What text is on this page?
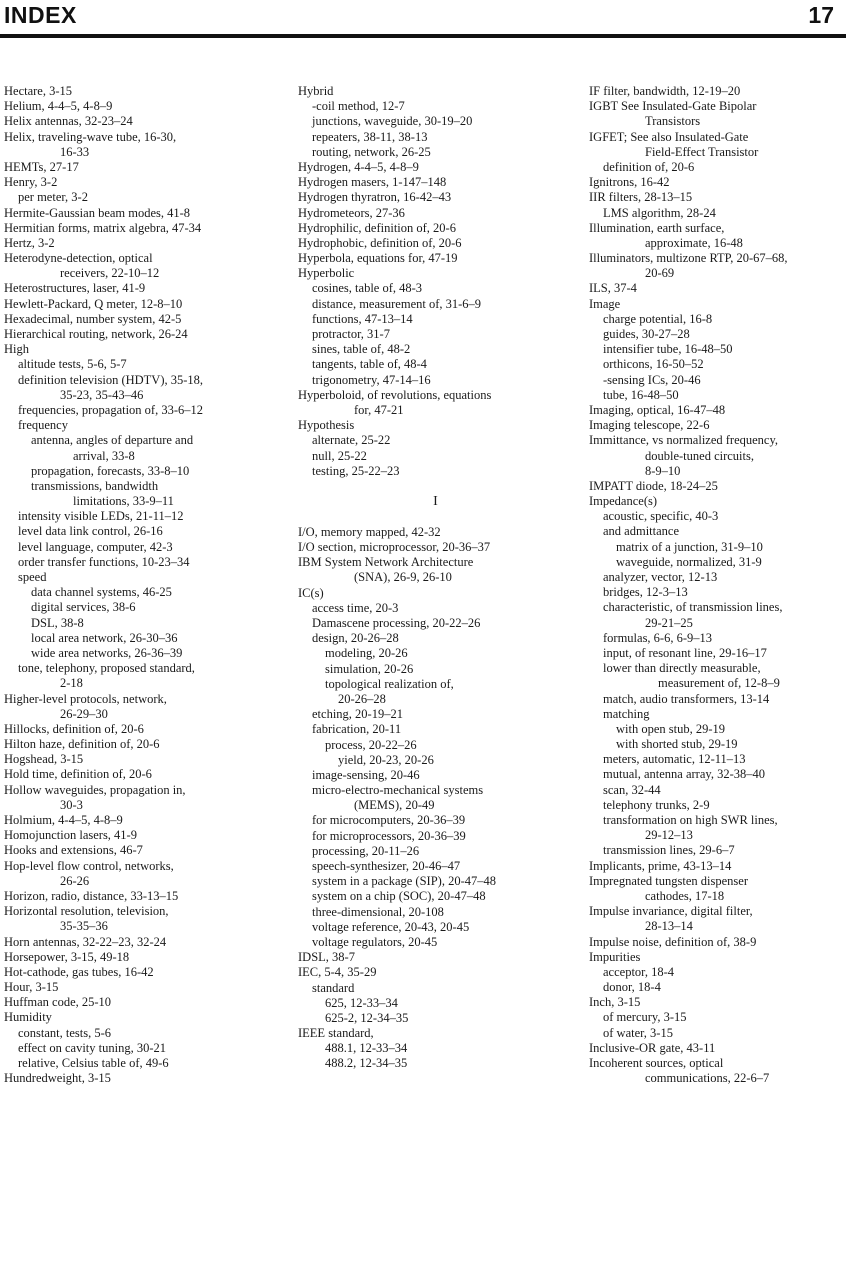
INDEX	17
Hectare, 3-15
Helium, 4-4–5, 4-8–9
Helix antennas, 32-23–24
Helix, traveling-wave tube, 16-30,
16-33
HEMTs, 27-17
Henry, 3-2
per meter, 3-2
Hermite-Gaussian beam modes, 41-8
Hermitian forms, matrix algebra, 47-34
Hertz, 3-2
Heterodyne-detection, optical
receivers, 22-10–12
Heterostructures, laser, 41-9
Hewlett-Packard, Q meter, 12-8–10
Hexadecimal, number system, 42-5
Hierarchical routing, network, 26-24
High
altitude tests, 5-6, 5-7
definition television (HDTV), 35-18,
35-23, 35-43–46
frequencies, propagation of, 33-6–12
frequency
antenna, angles of departure and
arrival, 33-8
propagation, forecasts, 33-8–10
transmissions, bandwidth
limitations, 33-9–11
intensity visible LEDs, 21-11–12
level data link control, 26-16
level language, computer, 42-3
order transfer functions, 10-23–34
speed
data channel systems, 46-25
digital services, 38-6
DSL, 38-8
local area network, 26-30–36
wide area networks, 26-36–39
tone, telephony, proposed standard,
2-18
Higher-level protocols, network,
26-29–30
Hillocks, definition of, 20-6
Hilton haze, definition of, 20-6
Hogshead, 3-15
Hold time, definition of, 20-6
Hollow waveguides, propagation in,
30-3
Holmium, 4-4–5, 4-8–9
Homojunction lasers, 41-9
Hooks and extensions, 46-7
Hop-level flow control, networks,
26-26
Horizon, radio, distance, 33-13–15
Horizontal resolution, television,
35-35–36
Horn antennas, 32-22–23, 32-24
Horsepower, 3-15, 49-18
Hot-cathode, gas tubes, 16-42
Hour, 3-15
Huffman code, 25-10
Humidity
constant, tests, 5-6
effect on cavity tuning, 30-21
relative, Celsius table of, 49-6
Hundredweight, 3-15
Hybrid
-coil method, 12-7
junctions, waveguide, 30-19–20
repeaters, 38-11, 38-13
routing, network, 26-25
Hydrogen, 4-4–5, 4-8–9
Hydrogen masers, 1-147–148
Hydrogen thyratron, 16-42–43
Hydrometeors, 27-36
Hydrophilic, definition of, 20-6
Hydrophobic, definition of, 20-6
Hyperbola, equations for, 47-19
Hyperbolic
cosines, table of, 48-3
distance, measurement of, 31-6–9
functions, 47-13–14
protractor, 31-7
sines, table of, 48-2
tangents, table of, 48-4
trigonometry, 47-14–16
Hyperboloid, of revolutions, equations
for, 47-21
Hypothesis
alternate, 25-22
null, 25-22
testing, 25-22–23
I
I/O, memory mapped, 42-32
I/O section, microprocessor, 20-36–37
IBM System Network Architecture
(SNA), 26-9, 26-10
IC(s)
access time, 20-3
Damascene processing, 20-22–26
design, 20-26–28
modeling, 20-26
simulation, 20-26
topological realization of,
20-26–28
etching, 20-19–21
fabrication, 20-11
process, 20-22–26
yield, 20-23, 20-26
image-sensing, 20-46
micro-electro-mechanical systems
(MEMS), 20-49
for microcomputers, 20-36–39
for microprocessors, 20-36–39
processing, 20-11–26
speech-synthesizer, 20-46–47
system in a package (SIP), 20-47–48
system on a chip (SOC), 20-47–48
three-dimensional, 20-108
voltage reference, 20-43, 20-45
voltage regulators, 20-45
IDSL, 38-7
IEC, 5-4, 35-29
standard
625, 12-33–34
625-2, 12-34–35
IEEE standard,
488.1, 12-33–34
488.2, 12-34–35
IF filter, bandwidth, 12-19–20
IGBT See Insulated-Gate Bipolar
Transistors
IGFET; See also Insulated-Gate
Field-Effect Transistor
definition of, 20-6
Ignitrons, 16-42
IIR filters, 28-13–15
LMS algorithm, 28-24
Illumination, earth surface,
approximate, 16-48
Illuminators, multizone RTP, 20-67–68,
20-69
ILS, 37-4
Image
charge potential, 16-8
guides, 30-27–28
intensifier tube, 16-48–50
orthicons, 16-50–52
-sensing ICs, 20-46
tube, 16-48–50
Imaging, optical, 16-47–48
Imaging telescope, 22-6
Immittance, vs normalized frequency,
double-tuned circuits,
8-9–10
IMPATT diode, 18-24–25
Impedance(s)
acoustic, specific, 40-3
and admittance
matrix of a junction, 31-9–10
waveguide, normalized, 31-9
analyzer, vector, 12-13
bridges, 12-3–13
characteristic, of transmission lines,
29-21–25
formulas, 6-6, 6-9–13
input, of resonant line, 29-16–17
lower than directly measurable,
measurement of, 12-8–9
match, audio transformers, 13-14
matching
with open stub, 29-19
with shorted stub, 29-19
meters, automatic, 12-11–13
mutual, antenna array, 32-38–40
scan, 32-44
telephony trunks, 2-9
transformation on high SWR lines,
29-12–13
transmission lines, 29-6–7
Implicants, prime, 43-13–14
Impregnated tungsten dispenser
cathodes, 17-18
Impulse invariance, digital filter,
28-13–14
Impulse noise, definition of, 38-9
Impurities
acceptor, 18-4
donor, 18-4
Inch, 3-15
of mercury, 3-15
of water, 3-15
Inclusive-OR gate, 43-11
Incoherent sources, optical
communications, 22-6–7
